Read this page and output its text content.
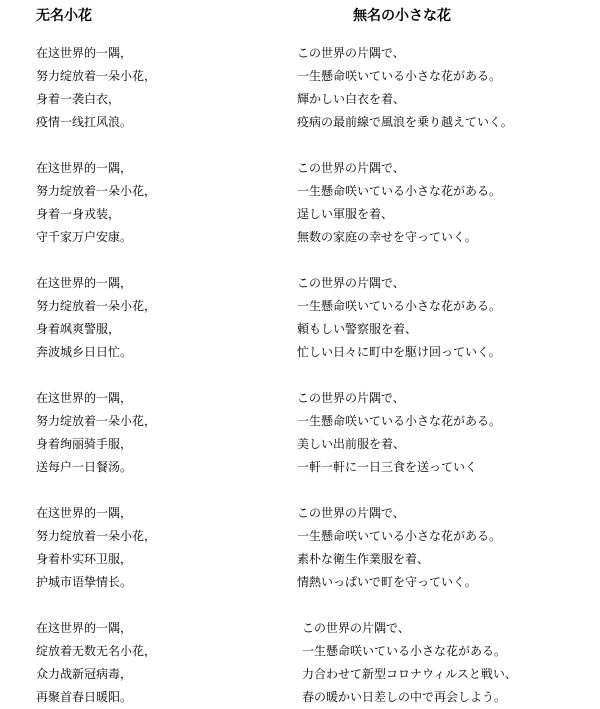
无名小花
在这世界的一隅，
努力绽放着一朵小花，
身着一袭白衣，
疫情一线扛风浪。
在这世界的一隅，
努力绽放着一朵小花，
身着一身戎装，
守千家万户安康。
在这世界的一隅，
努力绽放着一朵小花，
身着飒爽警服，
奔波城乡日日忙。
在这世界的一隅，
努力绽放着一朵小花，
身着绚丽骑手服，
送每户一日餐汤。
在这世界的一隅，
努力绽放着一朵小花，
身着朴实环卫服，
护城市语挚情长。
在这世界的一隅，
绽放着无数无名小花，
众力战新冠病毒，
再聚首春日暖阳。
無名の小さな花
この世界の片隅で、
一生懸命咲いている小さな花がある。
輝かしい白衣を着、
疫病の最前線で風浪を乗り越えていく。
この世界の片隅で、
一生懸命咲いている小さな花がある。
逞しい軍服を着、
無数の家庭の幸せを守っていく。
この世界の片隅で、
一生懸命咲いている小さな花がある。
頼もしい警察服を着、
忙しい日々に町中を駆け回っていく。
この世界の片隅で、
一生懸命咲いている小さな花がある。
美しい出前服を着、
一軒一軒に一日三食を送っていく
この世界の片隅で、
一生懸命咲いている小さな花がある。
素朴な衛生作業服を着、
情熱いっぱいで町を守っていく。
この世界の片隅で、
一生懸命咲いている小さな花がある。
力合わせて新型コロナウィルスと戦い、
春の暖かい日差しの中で再会しよう。
